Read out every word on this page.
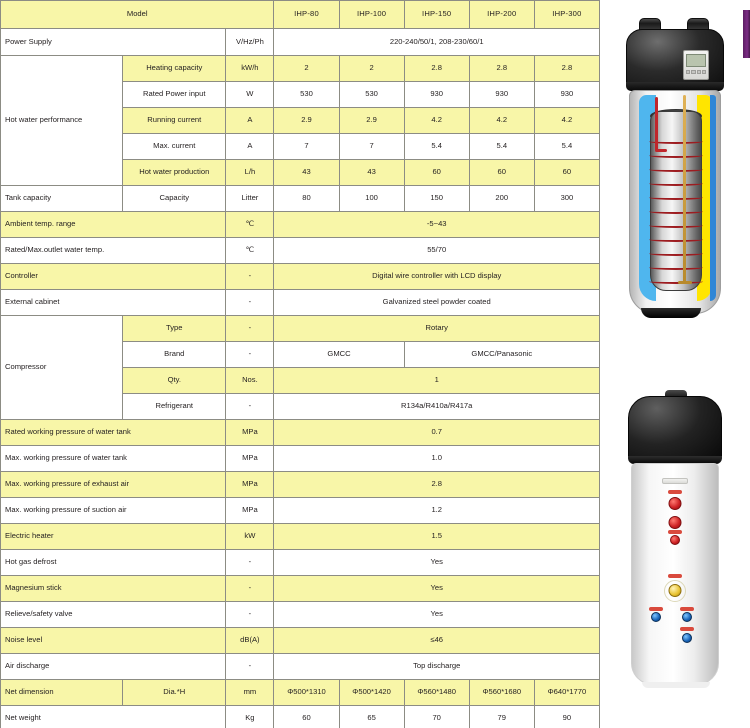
Model			IHP-80	IHP-100	IHP-150	IHP-200	IHP-300
Power Supply		V/Hz/Ph	220-240/50/1, 208-230/60/1				
Hot water performance	Heating capacity	kW/h	2	2	2.8	2.8	2.8
	Rated Power input	W	530	530	930	930	930
	Running current	A	2.9	2.9	4.2	4.2	4.2
	Max. current	A	7	7	5.4	5.4	5.4
	Hot water production	L/h	43	43	60	60	60
Tank capacity	Capacity	Litter	80	100	150	200	300
Ambient temp. range		℃	-5~43				
Rated/Max.outlet water temp.		℃	55/70				
Controller		-	Digital wire controller with LCD display				
External cabinet		-	Galvanized steel powder coated				
Compressor	Type	-	Rotary				
	Brand	-	GMCC		GMCC/Panasonic		
	Qty.	Nos.	1				
	Refrigerant	-	R134a/R410a/R417a				
Rated working pressure of water tank		MPa	0.7				
Max. working pressure of water tank		MPa	1.0				
Max. working pressure of exhaust air		MPa	2.8				
Max. working pressure of suction air		MPa	1.2				
Electric heater		kW	1.5				
Hot gas defrost		-	Yes				
Magnesium stick		-	Yes				
Relieve/safety valve		-	Yes				
Noise level		dB(A)	≤46				
Air discharge		-	Top discharge				
Net dimension	Dia.*H	mm	Φ500*1310	Φ500*1420	Φ560*1480	Φ560*1680	Φ640*1770
Net weight		Kg	60	65	70	79	90
